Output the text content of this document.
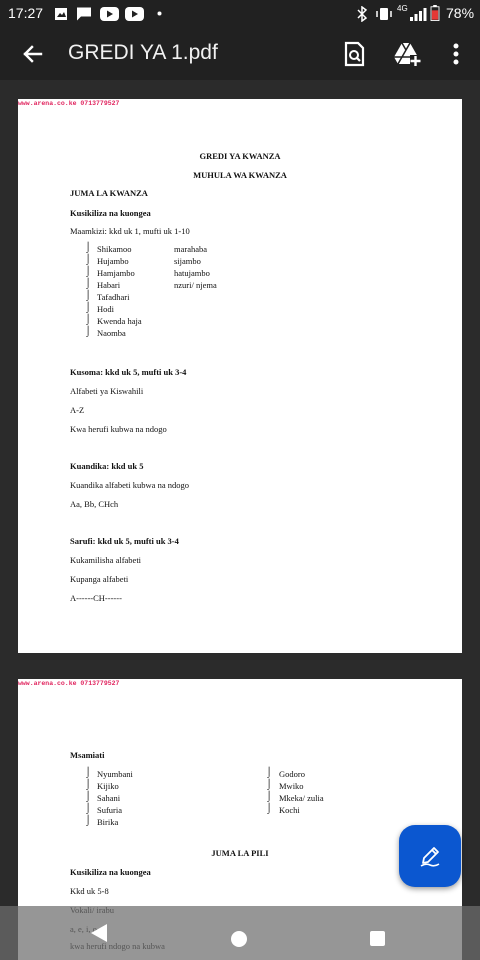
17:27	4G	78%
GREDI YA 1.pdf
www.arena.co.ke 0713779527
GREDI YA KWANZA
MUHULA WA KWANZA
JUMA LA KWANZA
Kusikiliza na kuongea
Maamkizi: kkd uk 1, mufti uk 1-10
⌡ Shikamoo
⌡ Hujambo
⌡ Hamjambo
⌡ Habari
⌡ Tafadhari
⌡ Hodi
⌡ Kwenda haja
⌡ Naomba
marahaba
sijambo
hatujambo
nzuri/ njema
Kusoma: kkd uk 5, mufti uk 3-4
Alfabeti ya Kiswahili
A-Z
Kwa herufi kubwa na ndogo
Kuandika: kkd uk 5
Kuandika alfabeti kubwa na ndogo
Aa, Bb, CHch
Sarufi: kkd uk 5, mufti uk 3-4
Kukamilisha alfabeti
Kupanga alfabeti
A------CH------
www.arena.co.ke 0713779527
Msamiati
⌡ Nyumbani
⌡ Kijiko
⌡ Sahani
⌡ Sufuria
⌡ Birika
⌡ Godoro
⌡ Mwiko
⌡ Mkeka/ zulia
⌡ Kochi
JUMA LA PILI
Kusikiliza na kuongea
Kkd uk 5-8
